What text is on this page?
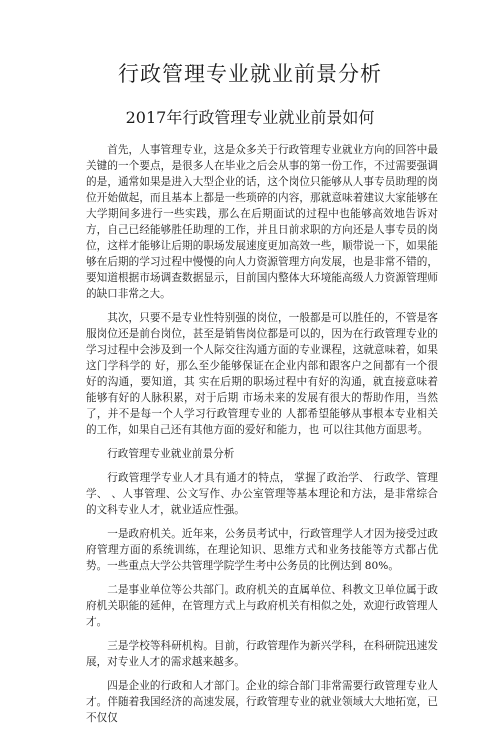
行政管理专业就业前景分析
2017年行政管理专业就业前景如何

首先，人事管理专业，这是众多关于行政管理专业就业方向的回答中最关键的一个要点，是很多人在毕业之后会从事的第一份工作，不过需要强调的是，通常如果是进入大型企业的话，这个岗位只能够从人事专员助理的岗位开始做起，而且基本上都是一些琐碎的内容，那就意味着建议大家能够在大学期间多进行一些实践，那么在后期面试的过程中也能够高效地告诉对方，自己已经能够胜任助理的工作，并且日前求职的方向还是人事专员的岗位，这样才能够让后期的职场发展速度更加高效一些，顺带说一下，如果能够在后期的学习过程中慢慢的向人力资源管理方向发展，也是非常不错的，要知道根据市场调查数据显示，目前国内整体大环境能高级人力资源管理师的缺口非常之大。

其次，只要不是专业性特别强的岗位，一般都是可以胜任的，不管是客服岗位还是前台岗位，甚至是销售岗位都是可以的，因为在行政管理专业的学习过程中会涉及到一个人际交往沟通方面的专业课程，这就意味着，如果这门学科学的 好，那么至少能够保证在企业内部和跟客户之间都有一个很好的沟通，要知道，其 实在后期的职场过程中有好的沟通，就直接意味着能够有好的人脉积累，对于后期 市场未来的发展有很大的帮助作用，当然了，并不是每一个人学习行政管理专业的 人都希望能够从事根本专业相关的工作，如果自己还有其他方面的爱好和能力，也 可以往其他方面思考。

行政管理专业就业前景分析

行政管理学专业人才具有通才的特点， 掌握了政治学、 行政学、管理学、 、人事管理、公文写作、办公室管理等基本理论和方法，是非常综合的文科专业人才，就业适应性强。

一是政府机关。近年来，公务员考试中，行政管理学人才因为接受过政府管理方面的系统训练，在理论知识、思维方式和业务技能等方式都占优势。一些重点大学公共管理学院学生考中公务员的比例达到 80%。

二是事业单位等公共部门。政府机关的直属单位、科教文卫单位属于政府机关职能的延伸，在管理方式上与政府机关有相似之处，欢迎行政管理人才。

三是学校等科研机构。目前，行政管理作为新兴学科，在科研院迅速发展，对专业人才的需求越来越多。

四是企业的行政和人才部门。企业的综合部门非常需要行政管理专业人才。伴随着我国经济的高速发展，行政管理专业的就业领域大大地拓宽，已不仅仅
